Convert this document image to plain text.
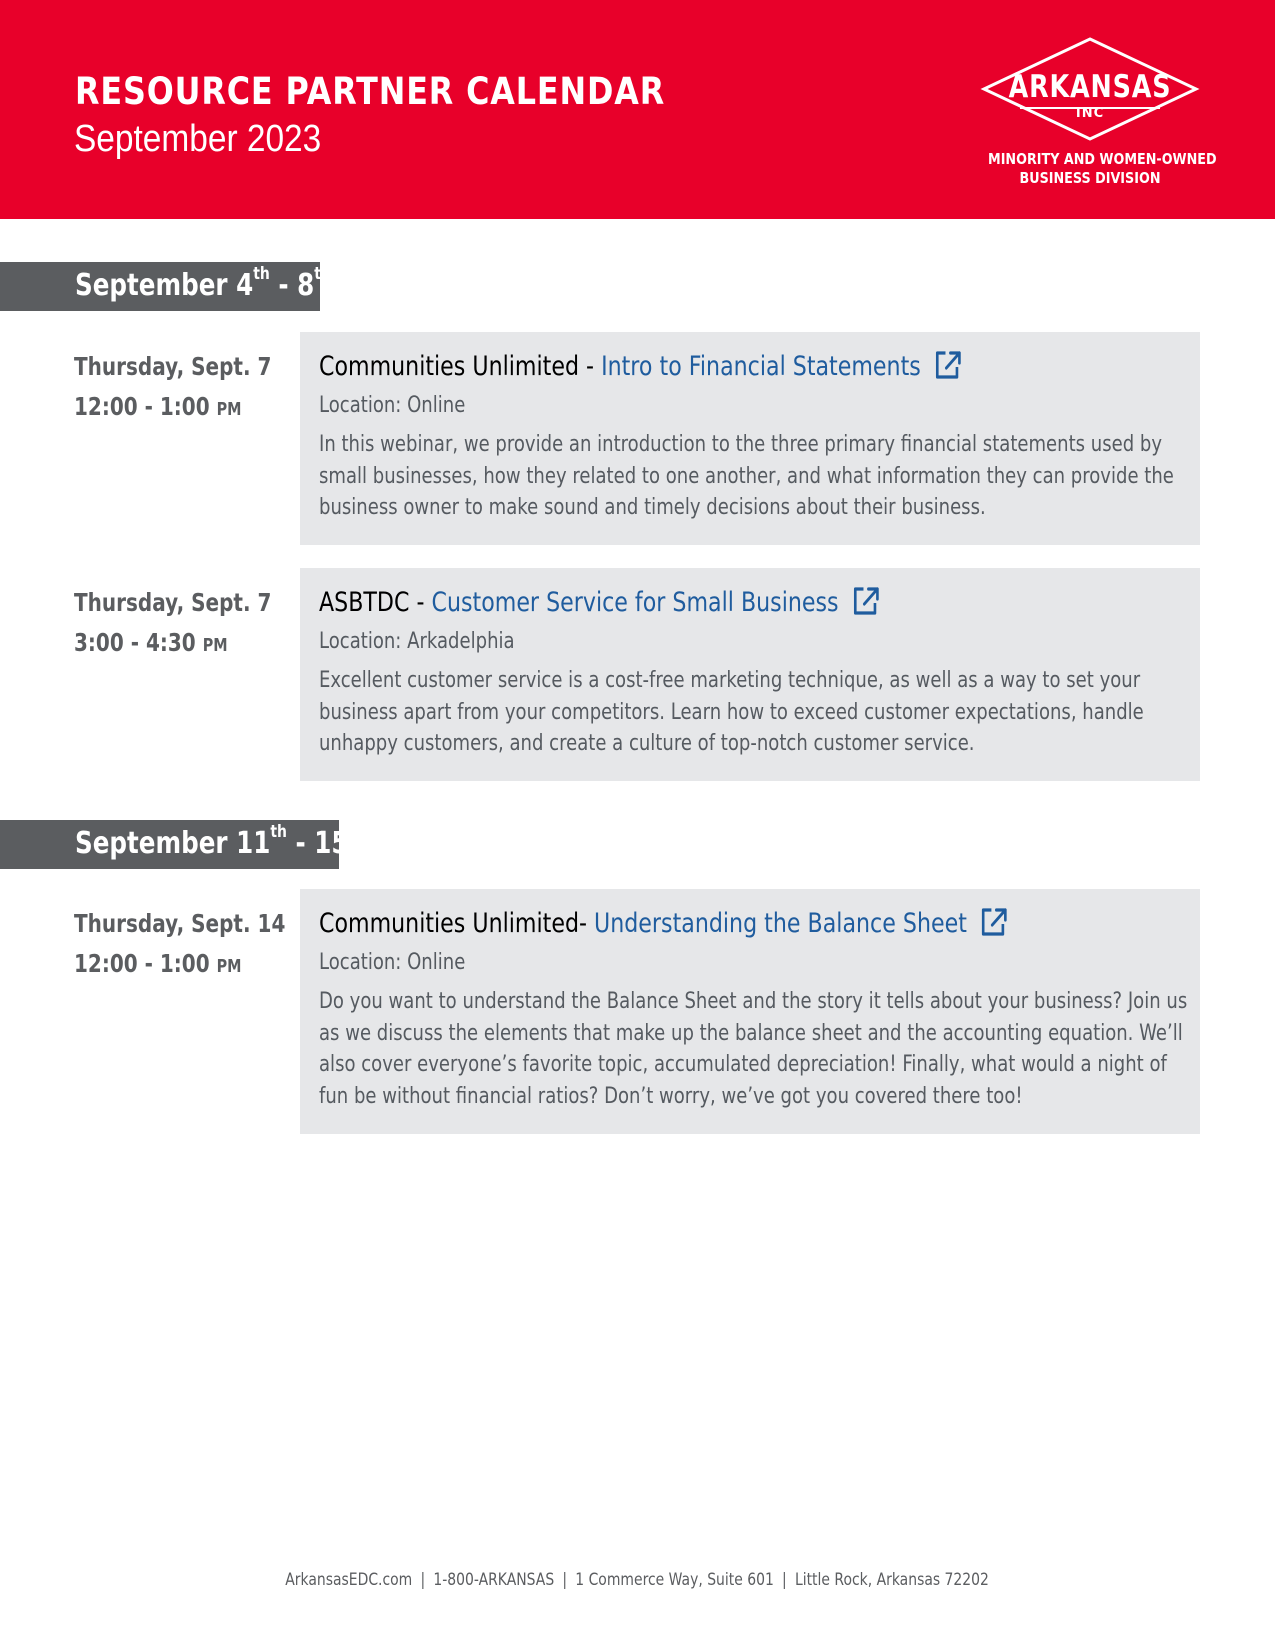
RESOURCE PARTNER CALENDAR
September 2023
ARKANSAS
INC
MINORITY AND WOMEN-OWNED
BUSINESS DIVISION
September 4th - 8th
Thursday, Sept. 7
12:00 - 1:00 PM
Communities Unlimited - Intro to Financial Statements
Location: Online
In this webinar, we provide an introduction to the three primary financial statements used by small businesses, how they related to one another, and what information they can provide the business owner to make sound and timely decisions about their business.
Thursday, Sept. 7
3:00 - 4:30 PM
ASBTDC - Customer Service for Small Business
Location: Arkadelphia
Excellent customer service is a cost-free marketing technique, as well as a way to set your business apart from your competitors. Learn how to exceed customer expectations, handle unhappy customers, and create a culture of top-notch customer service.
September 11th - 15th
Thursday, Sept. 14
12:00 - 1:00 PM
Communities Unlimited- Understanding the Balance Sheet
Location: Online
Do you want to understand the Balance Sheet and the story it tells about your business? Join us as we discuss the elements that make up the balance sheet and the accounting equation. We’ll also cover everyone’s favorite topic, accumulated depreciation! Finally, what would a night of fun be without financial ratios? Don’t worry, we’ve got you covered there too!
ArkansasEDC.com | 1-800-ARKANSAS | 1 Commerce Way, Suite 601 | Little Rock, Arkansas 72202
